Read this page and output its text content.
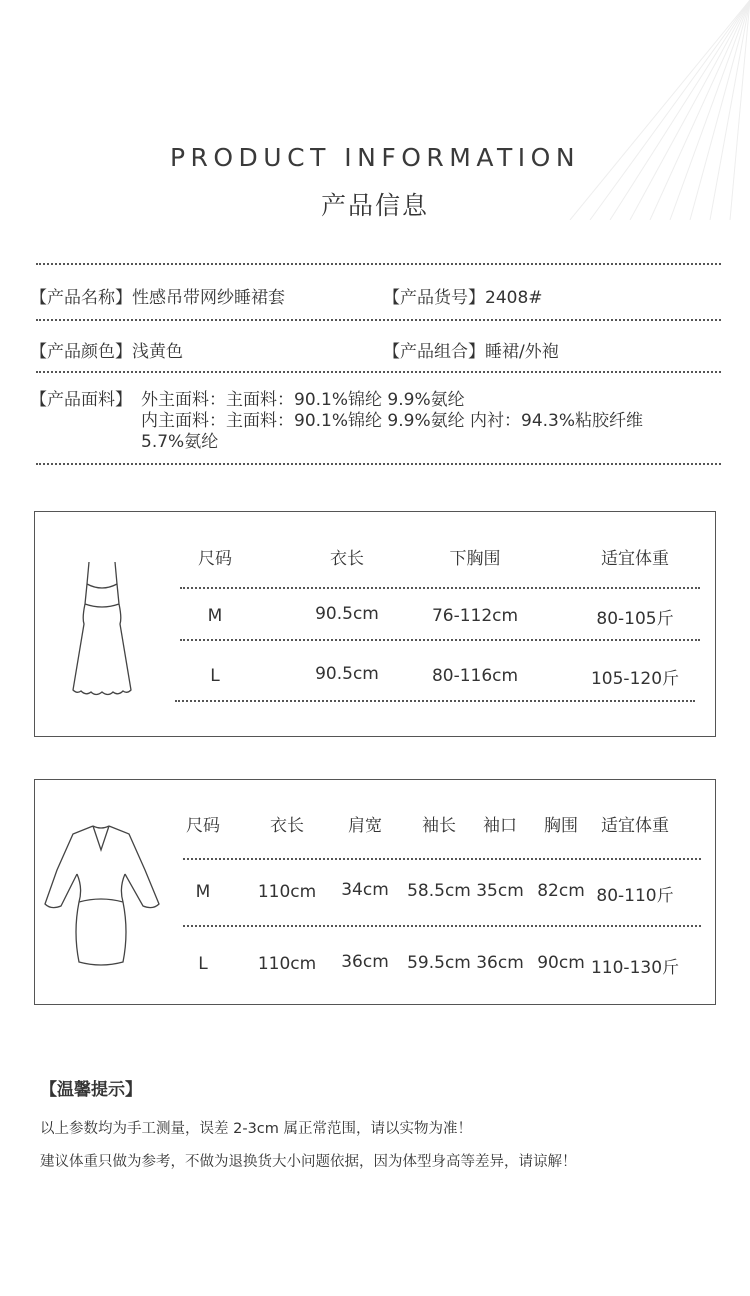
PRODUCT INFORMATION
产品信息
【产品名称】性感吊带网纱睡裙套	【产品货号】2408#
【产品颜色】浅黄色	【产品组合】睡裙/外袍
【产品面料】 外主面料：主面料：90.1%锦纶 9.9%氨纶
内主面料：主面料：90.1%锦纶 9.9%氨纶 内衬：94.3%粘胶纤维
5.7%氨纶
尺码	衣长	下胸围	适宜体重
M	90.5cm	76-112cm	80-105斤
L	90.5cm	80-116cm	105-120斤
尺码	衣长	肩宽	袖长	袖口	胸围	适宜体重
M	110cm	34cm	58.5cm 35cm 82cm 80-110斤
L	110cm	36cm	59.5cm 36cm 90cm 110-130斤
【温馨提示】
以上参数均为手工测量，误差 2-3cm 属正常范围，请以实物为准！
建议体重只做为参考，不做为退换货大小问题依据，因为体型身高等差异，请谅解！
